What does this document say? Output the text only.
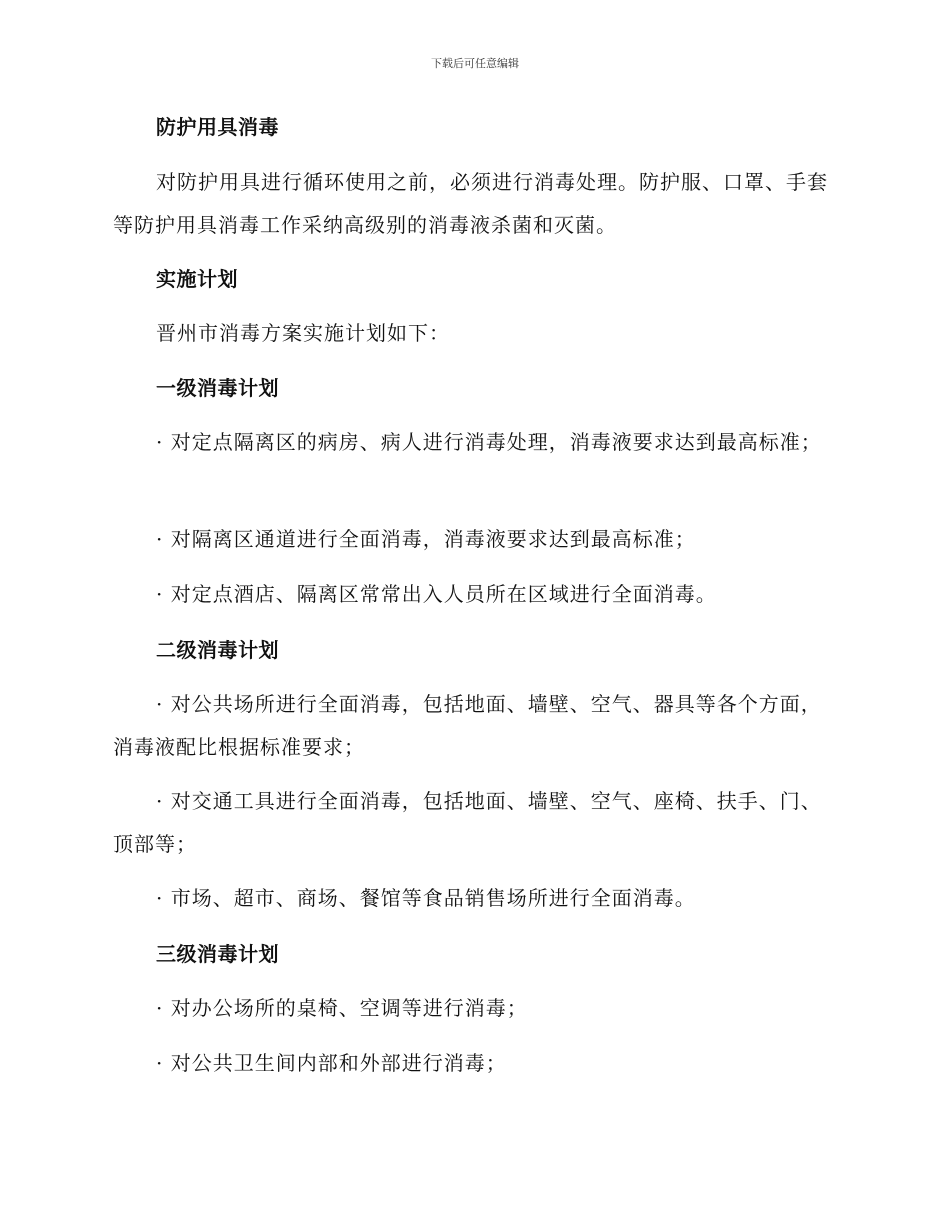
下载后可任意编辑
防护用具消毒
对防护用具进行循环使用之前，必须进行消毒处理。防护服、口罩、手套等防护用具消毒工作采纳高级别的消毒液杀菌和灭菌。
实施计划
晋州市消毒方案实施计划如下：
一级消毒计划
· 对定点隔离区的病房、病人进行消毒处理，消毒液要求达到最高标准；
· 对隔离区通道进行全面消毒，消毒液要求达到最高标准；
· 对定点酒店、隔离区常常出入人员所在区域进行全面消毒。
二级消毒计划
· 对公共场所进行全面消毒，包括地面、墙壁、空气、器具等各个方面，消毒液配比根据标准要求；
· 对交通工具进行全面消毒，包括地面、墙壁、空气、座椅、扶手、门、顶部等；
· 市场、超市、商场、餐馆等食品销售场所进行全面消毒。
三级消毒计划
· 对办公场所的桌椅、空调等进行消毒；
· 对公共卫生间内部和外部进行消毒；
